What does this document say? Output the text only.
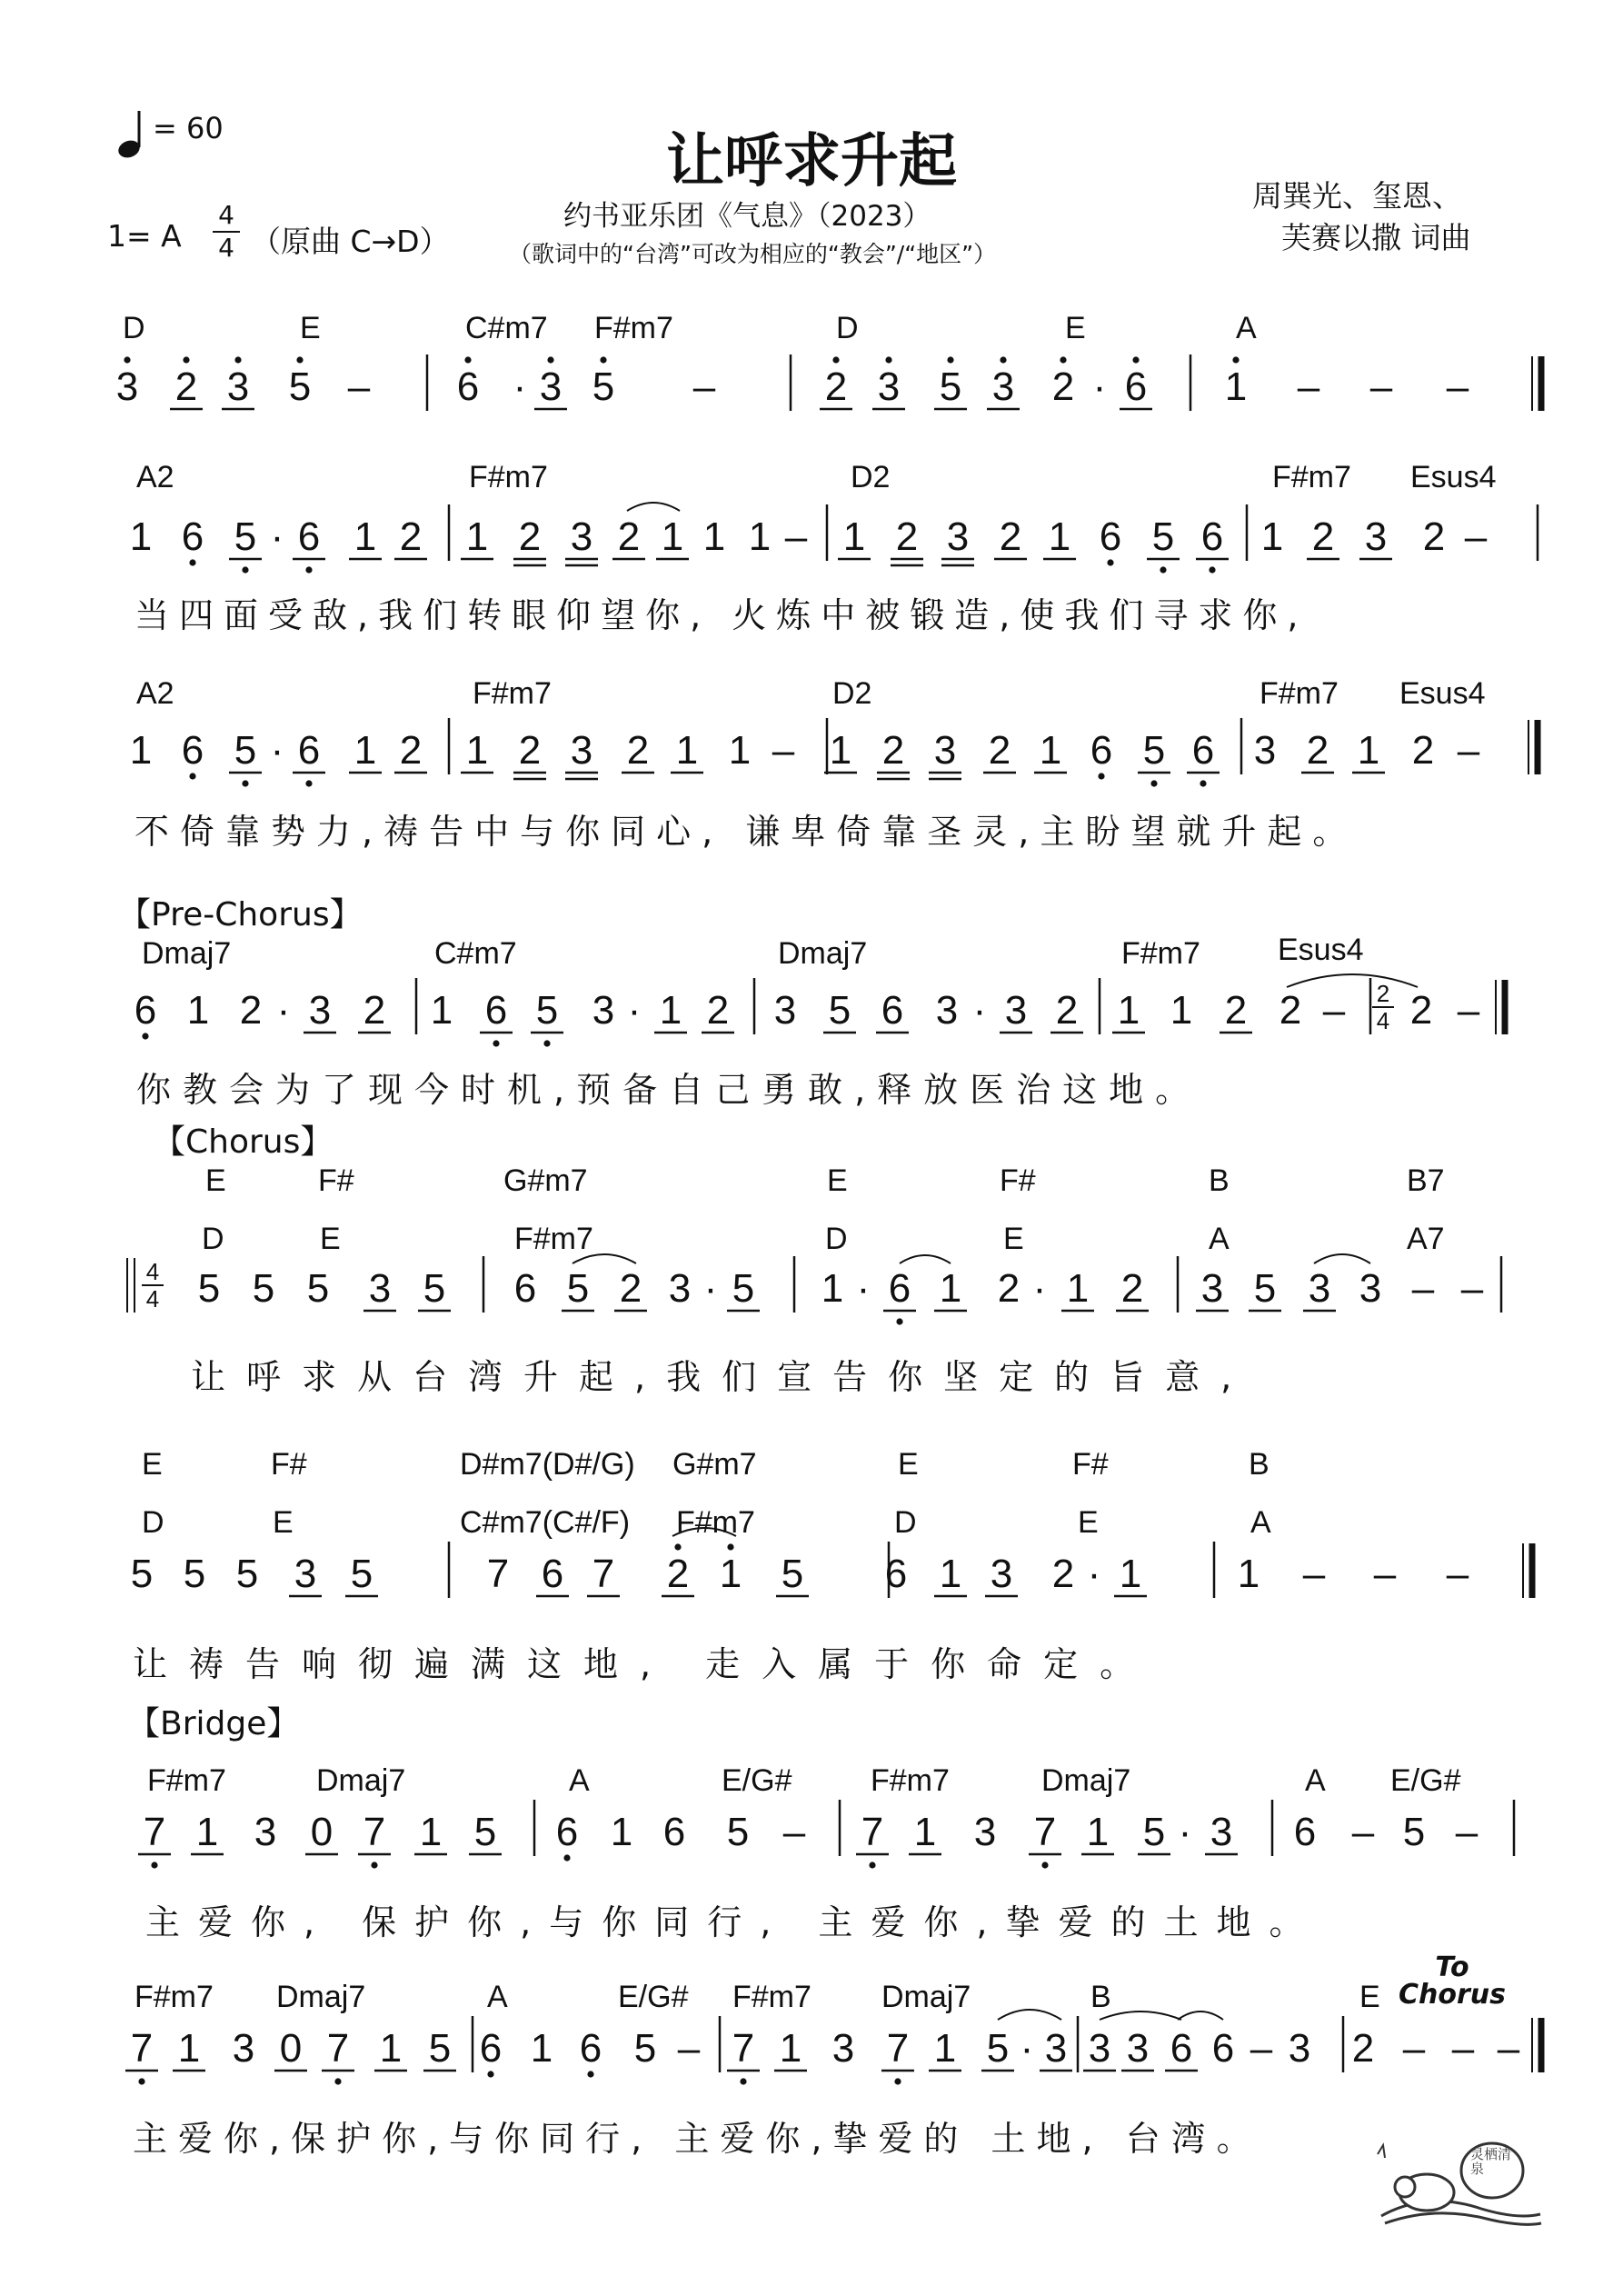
= 60
1= A
4
4 （原曲 C→D）
让呼求升起
约书亚乐团《气息》（2023）
（歌词中的“台湾”可改为相应的“教会”/“地区”）
周巽光、玺恩、
芙赛以撒 词曲
【Pre-Chorus】
【Chorus】
【Bridge】
D	E	C#m7 F#m7	D	E	A
A2	F#m7	D2	F#m7 Esus4
当四面受敌,我们转眼仰望你, 火炼中被锻造,使我们寻求你,
A2	F#m7	D2	F#m7 Esus4
不倚靠势力,祷告中与你同心, 谦卑倚靠圣灵,主盼望就升起。
Dmaj7	C#m7	Dmaj7	F#m7	Esus4
你教会为了现今时机,预备自己勇敢,释放医治这地。
E	F#	G#m7	E	F#	B	B7
D	E	F#m7	D	E	A	A7
让呼求从台湾升起,我们宣告你坚定的旨意,
E	F#	D#m7(D#/G) G#m7	E	F#	B
D	E	C#m7(C#/F) F#m7	D	E	A
让祷告响彻遍满这地, 走入属于你命定。
F#m7	Dmaj7	A	E/G#	F#m7	Dmaj7	A E/G#
主爱你, 保护你,与你同行, 主爱你,挚爱的土地。
F#m7 Dmaj7	A	E/G# F#m7 Dmaj7	B	E
主爱你,保护你,与你同行, 主爱你,挚爱的 土地, 台湾。
To Chorus
3 2 3 5 – 6 · 3 5 –	2 3 5 3 2 · 6 1 – – –
1 6 5 · 6 1 2 1 2 3 2 1 1 1 – 1 2 3 2 1 6 5 6 1 2 3 2 –
1 6 5 · 6 1 2 1 2 3 2 1 1 – 1 2 3 2 1 6 5 6 3 2 1 2 –
6 1 2 · 3 2 1 6 5 3 · 1 2 3 5 6 3 · 3 2 1 1 2 2 – 2 –
5 5 5 3 5 6 5 2 3 · 5 1 · 6 1 2 · 1 2 3 5 3 3 – –
5 5 5 3 5	7 6 7 2 1 5 6 1 3 2 · 1 1 – – –
7 1 3 0 7 1 5 6 1 6 5 – 7 1 3 7 1 5 · 3 6 – 5 –
7 1 3 0 7 1 5 6 1 6 5 – 7 1 3 7 1 5 · 3 3 3 6 6 – 3 2 – – –
2
4
4
4
灵栖清泉
